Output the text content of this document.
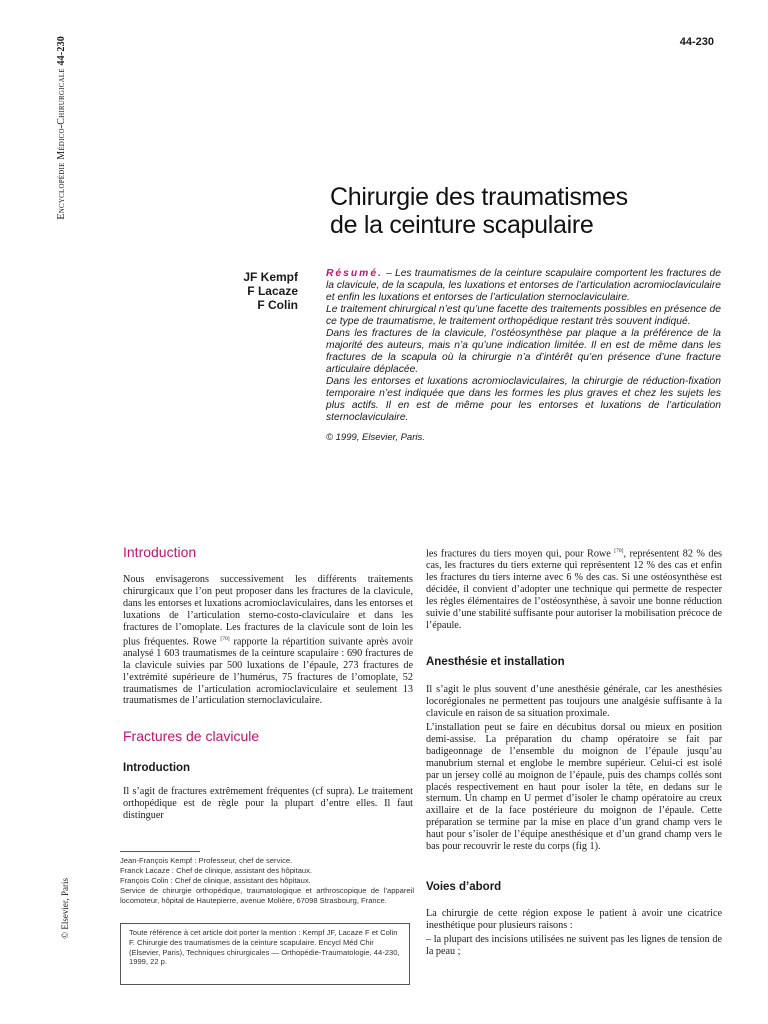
Encyclopédie Médico-Chirurgicale 44-230
© Elsevier, Paris
44-230
Chirurgie des traumatismes
de la ceinture scapulaire
JF Kempf
F Lacaze
F Colin

Résumé. – Les traumatismes de la ceinture scapulaire comportent les fractures de la clavicule, de la scapula, les luxations et entorses de l’articulation acromioclaviculaire et enfin les luxations et entorses de l’articulation sternoclaviculaire.

Le traitement chirurgical n’est qu’une facette des traitements possibles en présence de ce type de traumatisme, le traitement orthopédique restant très souvent indiqué.

Dans les fractures de la clavicule, l’ostéosynthèse par plaque a la préférence de la majorité des auteurs, mais n’a qu’une indication limitée. Il en est de même dans les fractures de la scapula où la chirurgie n’a d’intérêt qu’en présence d’une fracture articulaire déplacée.

Dans les entorses et luxations acromioclaviculaires, la chirurgie de réduction-fixation temporaire n’est indiquée que dans les formes les plus graves et chez les sujets les plus actifs. Il en est de même pour les entorses et luxations de l’articulation sternoclaviculaire.

© 1999, Elsevier, Paris.

Introduction

Nous envisagerons successivement les différents traitements chirurgicaux que l’on peut proposer dans les fractures de la clavicule, dans les entorses et luxations acromioclaviculaires, dans les entorses et luxations de l’articulation sterno-costo-claviculaire et dans les fractures de l’omoplate. Les fractures de la clavicule sont de loin les plus fréquentes. Rowe [70] rapporte la répartition suivante après avoir analysé 1 603 traumatismes de la ceinture scapulaire : 690 fractures de la clavicule suivies par 500 luxations de l’épaule, 273 fractures de l’extrémité supérieure de l’humérus, 75 fractures de l’omoplate, 52 traumatismes de l’articulation acromioclaviculaire et seulement 13 traumatismes de l’articulation sternoclaviculaire.

Fractures de clavicule
Introduction

Il s’agit de fractures extrêmement fréquentes (cf supra). Le traitement orthopédique est de règle pour la plupart d’entre elles. Il faut distinguer

Jean-François Kempf : Professeur, chef de service.
Franck Lacaze : Chef de clinique, assistant des hôpitaux.
François Colin : Chef de clinique, assistant des hôpitaux.
Service de chirurgie orthopédique, traumatologique et arthroscopique de l’appareil locomoteur, hôpital de Hautepierre, avenue Molière, 67098 Strasbourg, France.
Toute référence à cet article doit porter la mention : Kempf JF, Lacaze F et Colin F. Chirurgie des traumatismes de la ceinture scapulaire. Encycl Méd Chir (Elsevier, Paris), Techniques chirurgicales — Orthopédie-Traumatologie, 44-230, 1999, 22 p.

les fractures du tiers moyen qui, pour Rowe [70], représentent 82 % des cas, les fractures du tiers externe qui représentent 12 % des cas et enfin les fractures du tiers interne avec 6 % des cas. Si une ostéosynthèse est décidée, il convient d’adopter une technique qui permette de respecter les règles élémentaires de l’ostéosynthèse, à savoir une bonne réduction suivie d’une stabilité suffisante pour autoriser la mobilisation précoce de l’épaule.

Anesthésie et installation

Il s’agit le plus souvent d’une anesthésie générale, car les anesthésies locorégionales ne permettent pas toujours une analgésie suffisante à la clavicule en raison de sa situation proximale.

L’installation peut se faire en décubitus dorsal ou mieux en position demi-assise. La préparation du champ opératoire se fait par badigeonnage de l’ensemble du moignon de l’épaule jusqu’au manubrium sternal et englobe le membre supérieur. Celui-ci est isolé par un jersey collé au moignon de l’épaule, puis des champs collés sont placés respectivement en haut pour isoler la tête, en dedans sur le sternum. Un champ en U permet d’isoler le champ opératoire au creux axillaire et de la face postérieure du moignon de l’épaule. Cette préparation se termine par la mise en place d’un grand champ vers le haut pour s’isoler de l’équipe anesthésique et d’un grand champ vers le bas pour recouvrir le reste du corps (fig 1).

Voies d’abord

La chirurgie de cette région expose le patient à avoir une cicatrice inesthétique pour plusieurs raisons :

– la plupart des incisions utilisées ne suivent pas les lignes de tension de la peau ;
